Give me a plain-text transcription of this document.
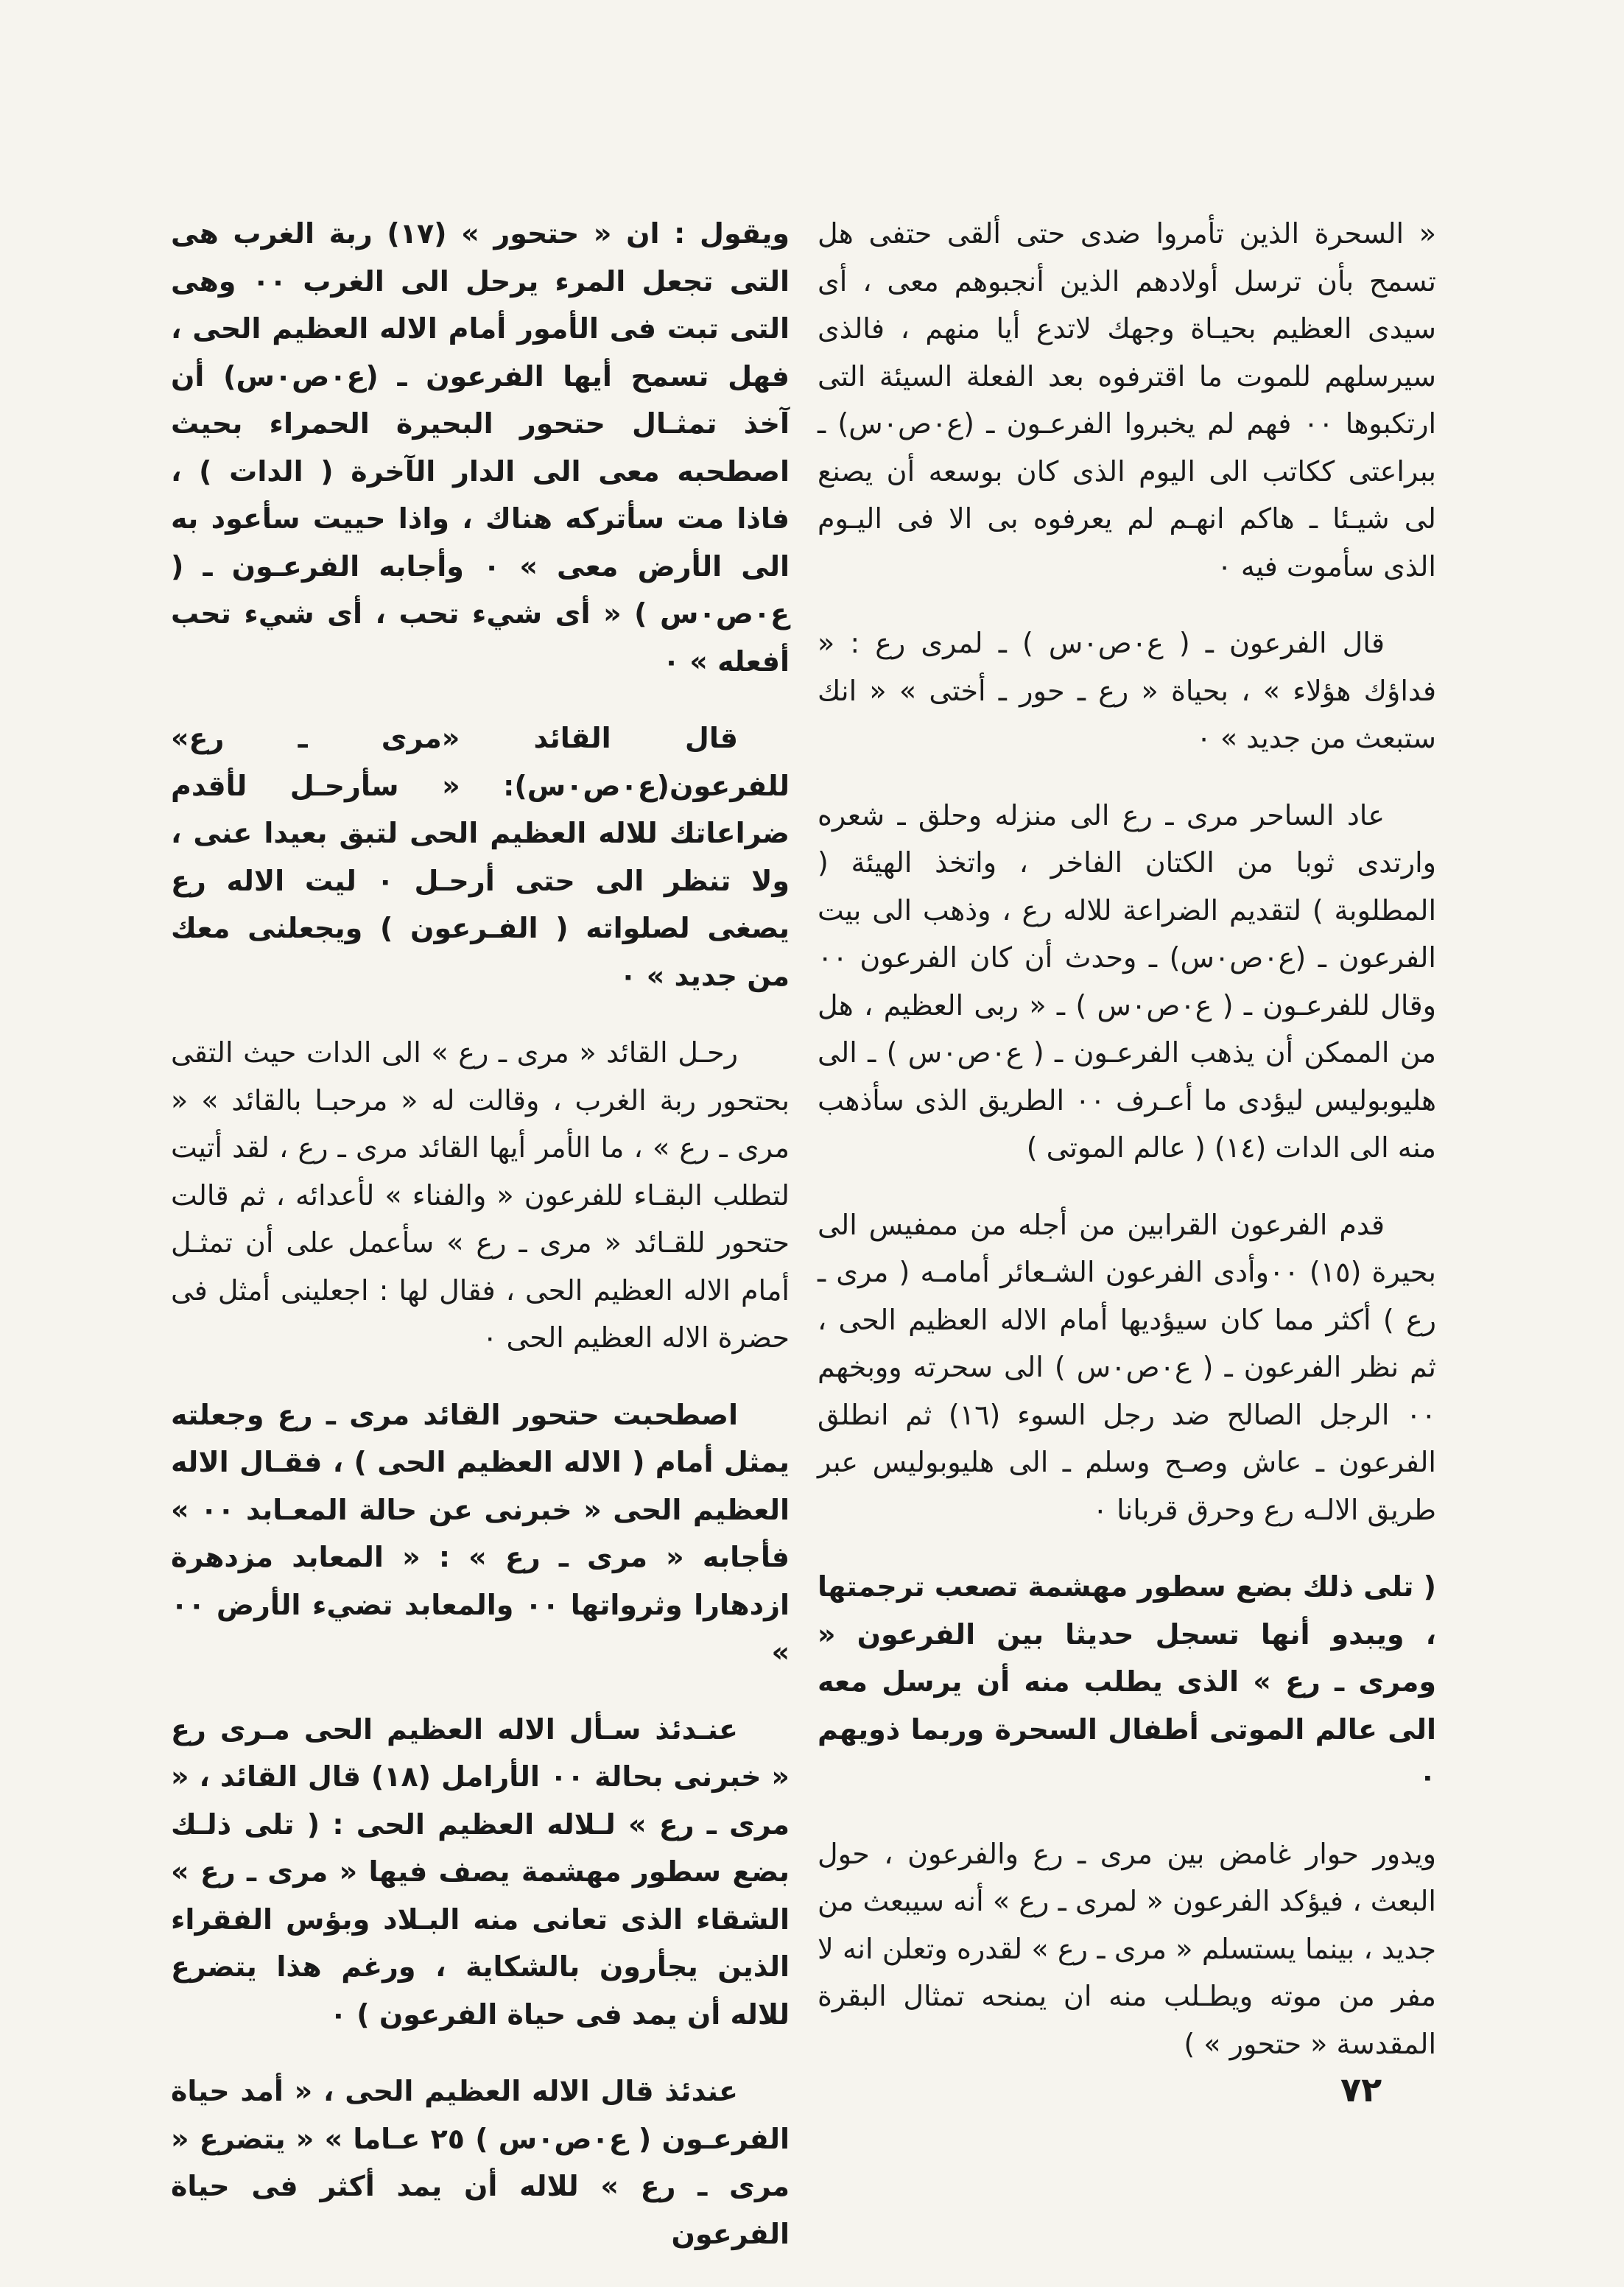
« السحرة الذين تأمروا ضدى حتى ألقى حتفى هل تسمح بأن ترسل أولادهم الذين أنجبوهم معى ، أى سيدى العظيم بحيـاة وجهك لاتدع أيا منهم ، فالذى سيرسلهم للموت ما اقترفوه بعد الفعلة السيئة التى ارتكبوها ٠٠ فهم لم يخبروا الفرعـون ـ (ع٠ص٠س) ـ ببراعتى ككاتب الى اليوم الذى كان بوسعه أن يصنع لى شيـئا ـ هاكم انهـم لم يعرفوه بى الا فى اليـوم الذى سأموت فيه ٠

قال الفرعون ـ ( ع٠ص٠س ) ـ لمرى رع : « فداؤك هؤلاء » ، بحياة « رع ـ حور ـ أختى » « انك ستبعث من جديد » ٠

عاد الساحر مرى ـ رع الى منزله وحلق ـ شعره وارتدى ثوبا من الكتان الفاخر ، واتخذ الهيئة ( المطلوبة ) لتقديم الضراعة للاله رع ، وذهب الى بيت الفرعون ـ (ع٠ص٠س) ـ وحدث أن كان الفرعون ٠٠ وقال للفرعـون ـ ( ع٠ص٠س ) ـ « ربى العظيم ، هل من الممكن أن يذهب الفرعـون ـ ( ع٠ص٠س ) ـ الى هليوبوليس ليؤدى ما أعـرف ٠٠ الطريق الذى سأذهب منه الى الدات (١٤) ( عالم الموتى )

قدم الفرعون القرابين من أجله من ممفيس الى بحيرة (١٥) ٠٠وأدى الفرعون الشـعائر أمامـه ( مرى ـ رع ) أكثر مما كان سيؤديها أمام الاله العظيم الحى ، ثم نظر الفرعون ـ ( ع٠ص٠س ) الى سحرته ووبخهم ٠٠ الرجل الصالح ضد رجل السوء (١٦) ثم انطلق الفرعون ـ عاش وصـح وسلم ـ الى هليوبوليس عبر طريق الالـه رع وحرق قربانا ٠

( تلى ذلك بضع سطور مهشمة تصعب ترجمتها ، ويبدو أنها تسجل حديثا بين الفرعون « ومرى ـ رع » الذى يطلب منه أن يرسل معه الى عالم الموتى أطفال السحرة وربما ذويهم ٠

ويدور حوار غامض بين مرى ـ رع والفرعون ، حول البعث ، فيؤكد الفرعون « لمرى ـ رع » أنه سيبعث من جديد ، بينما يستسلم « مرى ـ رع » لقدره وتعلن انه لا مفر من موته ويطـلب منه ان يمنحه تمثال البقرة المقدسة « حتحور » )

ويقول : ان « حتحور » (١٧) ربة الغرب هى التى تجعل المرء يرحل الى الغرب ٠٠ وهى التى تبت فى الأمور أمام الاله العظيم الحى ، فهل تسمح أيها الفرعون ـ (ع٠ص٠س) أن آخذ تمثـال حتحور البحيرة الحمراء بحيث اصطحبه معى الى الدار الآخرة ( الدات ) ، فاذا مت سأتركه هناك ، واذا حييت سأعود به الى الأرض معى » ٠ وأجابه الفرعـون ـ ( ع٠ص٠س ) « أى شيء تحب ، أى شيء تحب أفعله » ٠

قال القائد «مرى ـ رع» للفرعون(ع٠ص٠س): « سأرحـل لأقدم ضراعاتك للاله العظيم الحى لتبق بعيدا عنى ، ولا تنظر الى حتى أرحـل ٠ ليت الاله رع يصغى لصلواته ( الفـرعون ) ويجعلنى معك من جديد » ٠

رحـل القائد « مرى ـ رع » الى الدات حيث التقى بحتحور ربة الغرب ، وقالت له « مرحبـا بالقائد » « مرى ـ رع » ، ما الأمر أيها القائد مرى ـ رع ، لقد أتيت لتطلب البقـاء للفرعون « والفناء » لأعدائه ، ثم قالت حتحور للقـائد « مرى ـ رع » سأعمل على أن تمثـل أمام الاله العظيم الحى ، فقال لها : اجعلينى أمثل فى حضرة الاله العظيم الحى ٠

اصطحبت حتحور القائد مرى ـ رع وجعلته يمثل أمام ( الاله العظيم الحى ) ، فقـال الاله العظيم الحى « خبرنى عن حالة المعـابد ٠٠ » فأجابه « مرى ـ رع » : « المعابد مزدهرة ازدهارا وثرواتها ٠٠ والمعابد تضيء الأرض ٠٠ »

عنـدئذ سـأل الاله العظيم الحى مـرى رع « خبرنى بحالة ٠٠ الأرامل (١٨) قال القائد ، « مرى ـ رع » لـلاله العظيم الحى : ( تلى ذلـك بضع سطور مهشمة يصف فيها « مرى ـ رع » الشقاء الذى تعانى منه البـلاد وبؤس الفقراء الذين يجأرون بالشكاية ، ورغم هذا يتضرع للاله أن يمد فى حياة الفرعون ) ٠

عندئذ قال الاله العظيم الحى ، « أمد حياة الفرعـون ( ع٠ص٠س ) ٢٥ عـاما » « يتضرع « مرى ـ رع » للاله أن يمد أكثر فى حياة الفرعون

٧٢
